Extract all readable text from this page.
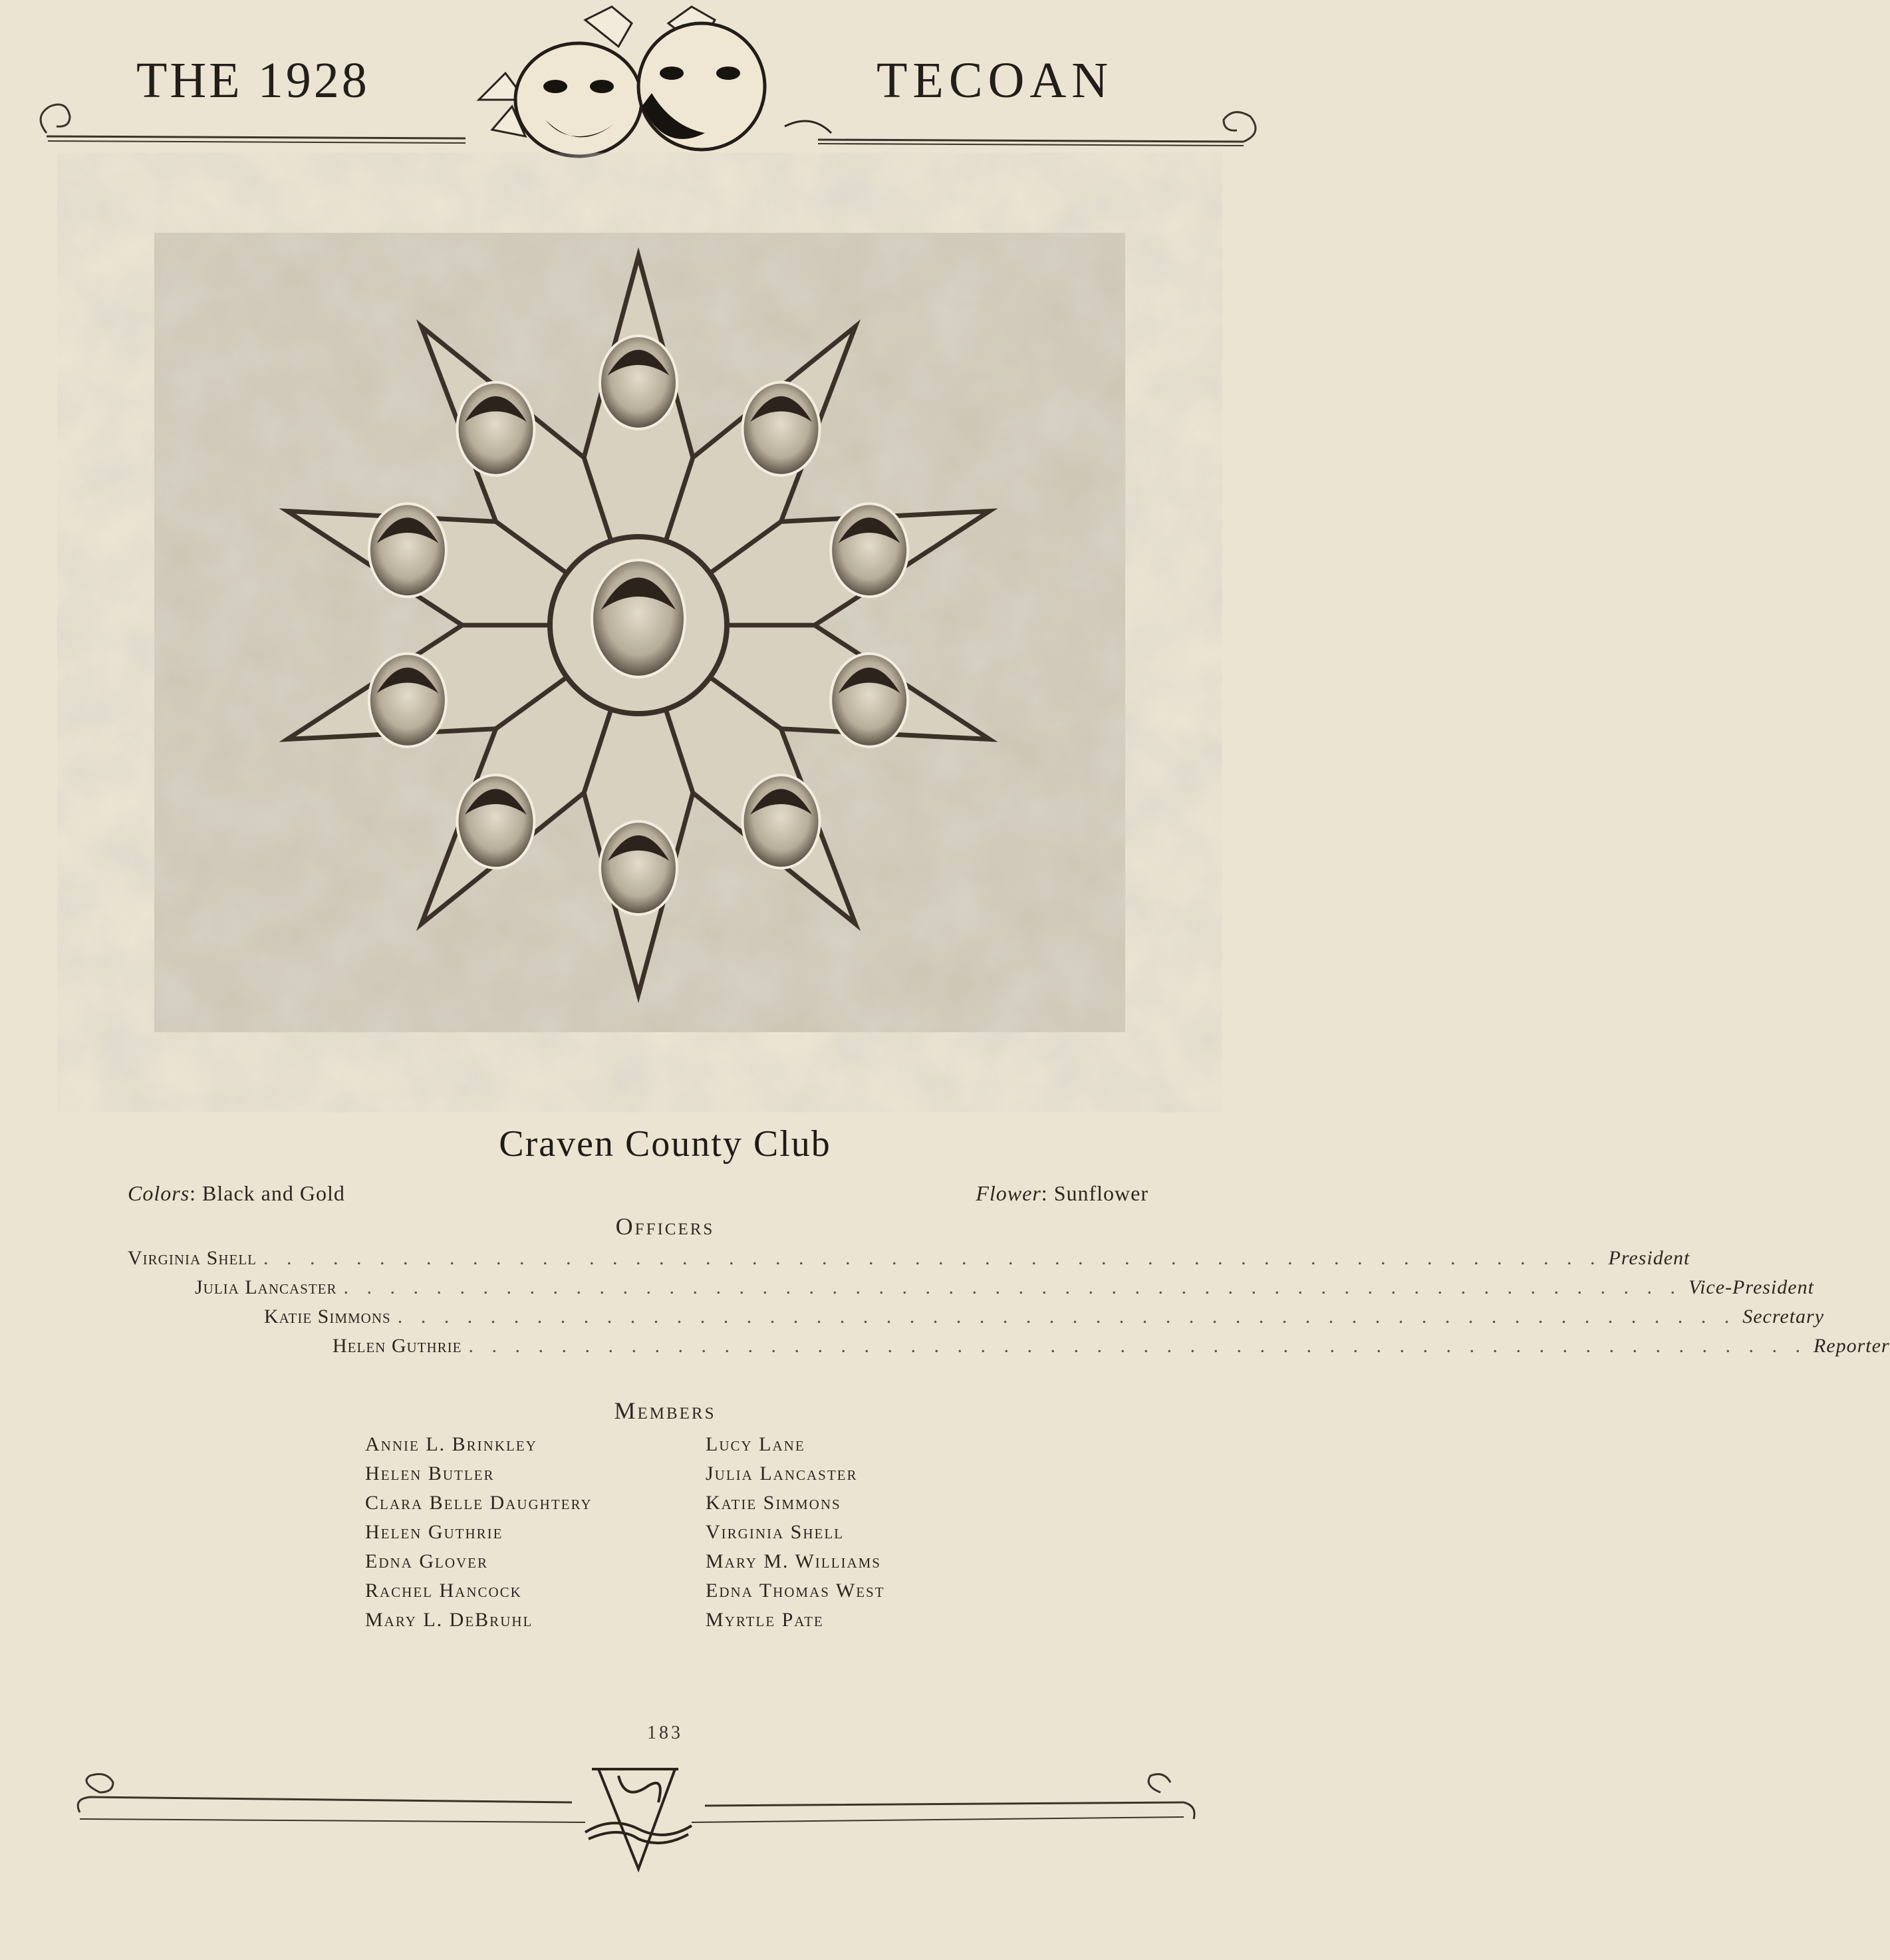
THE 1928	TECOAN
Craven County Club
Colors: Black and Gold	Flower: Sunflower
Officers
Virginia Shell . . . . . . . . . . . . . . . . . . . . . . . . . . . . . . . . . . . . . . . . . . . . . . . . . . . . . . . . . . President
Julia Lancaster . . . . . . . . . . . . . . . . . . . . . . . . . . . . . . . . . . . . . . . . . . . . . . . . . . . . . . . . . . Vice-President
Katie Simmons . . . . . . . . . . . . . . . . . . . . . . . . . . . . . . . . . . . . . . . . . . . . . . . . . . . . . . . . . . Secretary
Helen Guthrie . . . . . . . . . . . . . . . . . . . . . . . . . . . . . . . . . . . . . . . . . . . . . . . . . . . . . . . . . . Reporter
Members
Annie L. Brinkley
Helen Butler
Clara Belle Daughtery
Helen Guthrie
Edna Glover
Rachel Hancock
Mary L. DeBruhl
Lucy Lane
Julia Lancaster
Katie Simmons
Virginia Shell
Mary M. Williams
Edna Thomas West
Myrtle Pate
183
